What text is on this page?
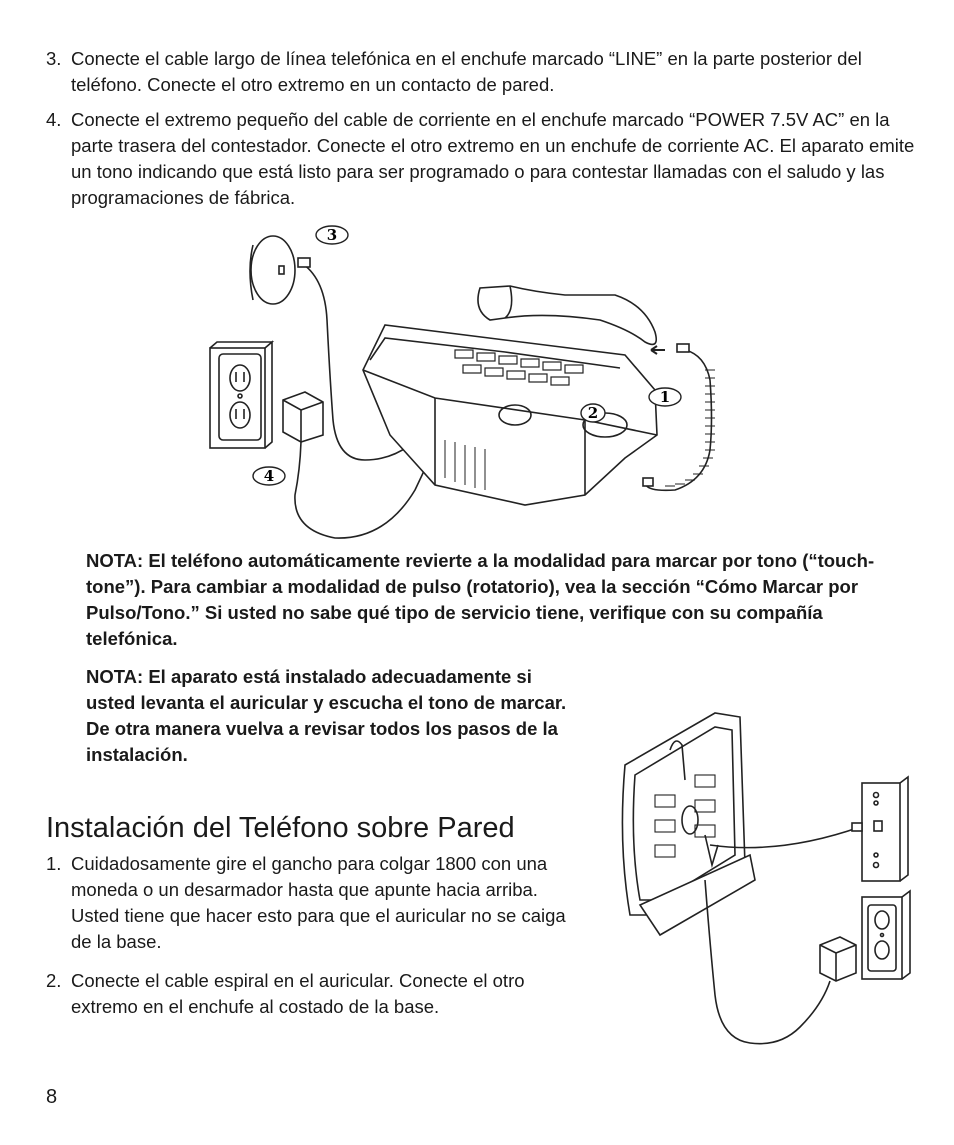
3. Conecte el cable largo de línea telefónica en el enchufe marcado “LINE” en la parte posterior del teléfono. Conecte el otro extremo en un contacto de pared.
4. Conecte el extremo pequeño del cable de corriente en el enchufe marcado “POWER 7.5V AC” en la parte trasera del contestador. Conecte el otro extremo en un enchufe de corriente AC. El aparato emite un tono indicando que está listo para ser programado o para contestar llamadas con el saludo y las programaciones de fábrica.
3
1
2
4
NOTA: El teléfono automáticamente revierte a la modalidad para marcar por tono (“touch-tone”). Para cambiar a modalidad de pulso (rotatorio), vea la sección “Cómo Marcar por Pulso/Tono.” Si usted no sabe qué tipo de servicio tiene, verifique con su compañía telefónica.
NOTA: El aparato está instalado adecuadamente si usted levanta el auricular y escucha el tono de marcar. De otra manera vuelva a revisar todos los pasos de la instalación.
Instalación del Teléfono sobre Pared
1. Cuidadosamente gire el gancho para colgar 1800 con una moneda o un desarmador hasta que apunte hacia arriba. Usted tiene que hacer esto para que el auricular no se caiga de la base.
2. Conecte el cable espiral en el auricular. Conecte el otro extremo en el enchufe al costado de la base.
8
